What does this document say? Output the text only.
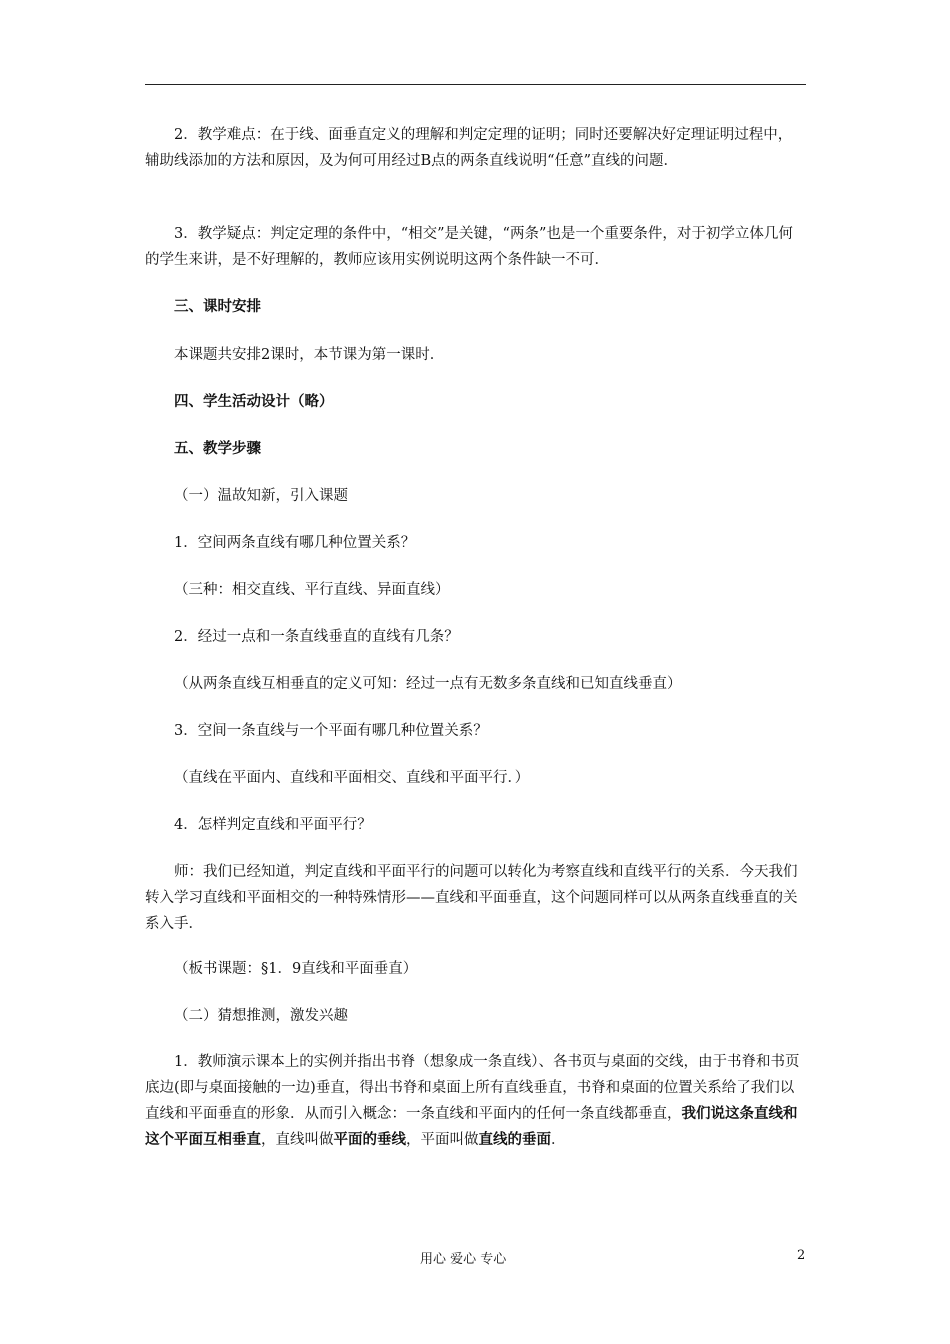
2．教学难点：在于线、面垂直定义的理解和判定定理的证明；同时还要解决好定理证明过程中，辅助线添加的方法和原因，及为何可用经过B点的两条直线说明“任意”直线的问题．

3．教学疑点：判定定理的条件中，“相交”是关键，“两条”也是一个重要条件，对于初学立体几何的学生来讲，是不好理解的，教师应该用实例说明这两个条件缺一不可．

三、课时安排

本课题共安排2课时，本节课为第一课时．

四、学生活动设计（略）

五、教学步骤

（一）温故知新，引入课题

1．空间两条直线有哪几种位置关系？

（三种：相交直线、平行直线、异面直线）

2．经过一点和一条直线垂直的直线有几条？

（从两条直线互相垂直的定义可知：经过一点有无数多条直线和已知直线垂直）

3．空间一条直线与一个平面有哪几种位置关系？

（直线在平面内、直线和平面相交、直线和平面平行．）

4．怎样判定直线和平面平行？

师：我们已经知道，判定直线和平面平行的问题可以转化为考察直线和直线平行的关系．今天我们转入学习直线和平面相交的一种特殊情形——直线和平面垂直，这个问题同样可以从两条直线垂直的关系入手．

（板书课题：§1．9直线和平面垂直）

（二）猜想推测，激发兴趣

1．教师演示课本上的实例并指出书脊（想象成一条直线）、各书页与桌面的交线，由于书脊和书页底边(即与桌面接触的一边)垂直，得出书脊和桌面上所有直线垂直，书脊和桌面的位置关系给了我们以直线和平面垂直的形象．从而引入概念：一条直线和平面内的任何一条直线都垂直，我们说这条直线和这个平面互相垂直，直线叫做平面的垂线，平面叫做直线的垂面．

用心 爱心 专心	2
